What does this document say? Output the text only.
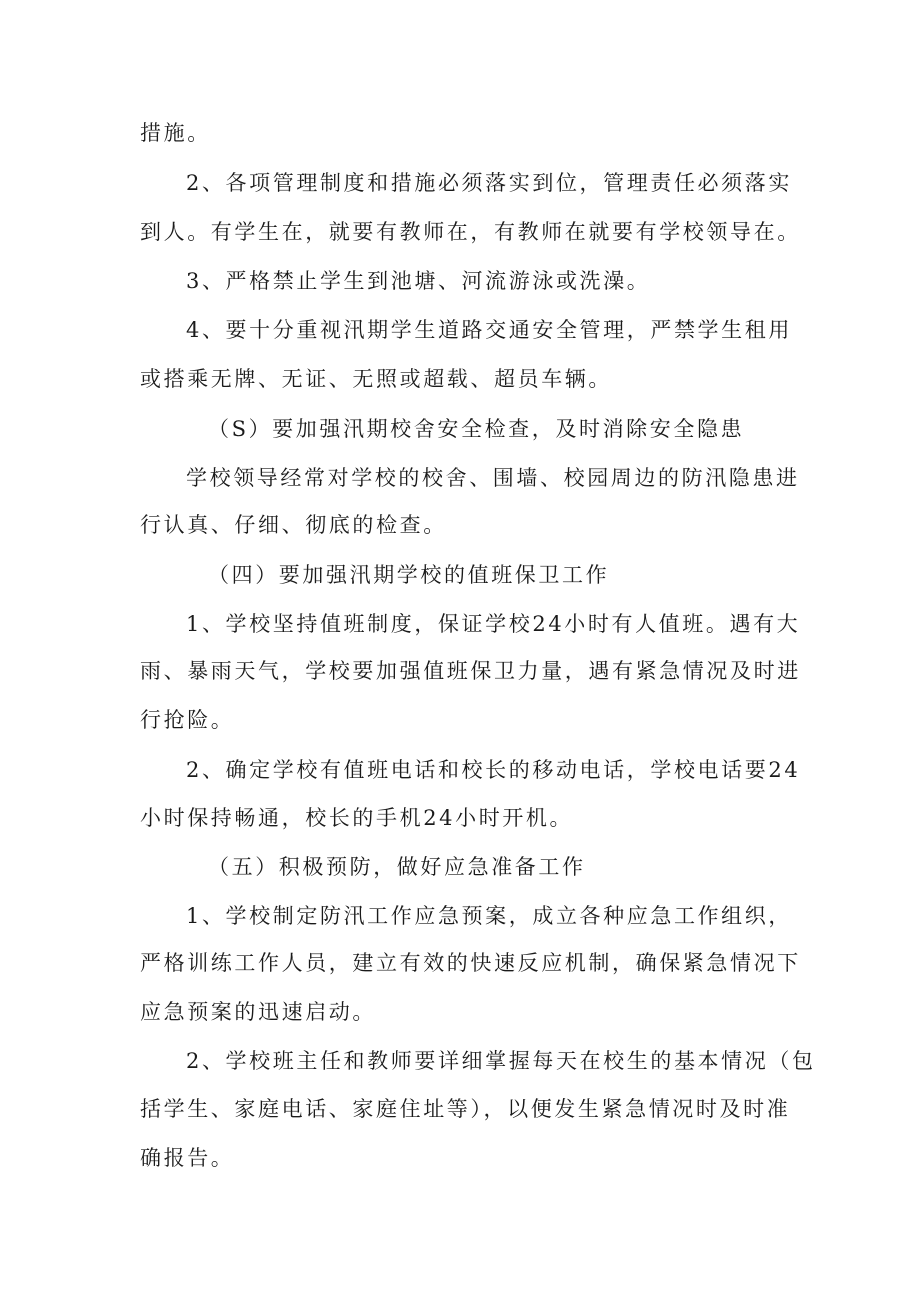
措施。
2、各项管理制度和措施必须落实到位，管理责任必须落实
到人。有学生在，就要有教师在，有教师在就要有学校领导在。
3、严格禁止学生到池塘、河流游泳或洗澡。
4、要十分重视汛期学生道路交通安全管理，严禁学生租用
或搭乘无牌、无证、无照或超载、超员车辆。
（S）要加强汛期校舍安全检查，及时消除安全隐患
学校领导经常对学校的校舍、围墙、校园周边的防汛隐患进
行认真、仔细、彻底的检查。
（四）要加强汛期学校的值班保卫工作
1、学校坚持值班制度，保证学校24小时有人值班。遇有大
雨、暴雨天气，学校要加强值班保卫力量，遇有紧急情况及时进
行抢险。
2、确定学校有值班电话和校长的移动电话，学校电话要24
小时保持畅通，校长的手机24小时开机。
（五）积极预防，做好应急准备工作
1、学校制定防汛工作应急预案，成立各种应急工作组织，
严格训练工作人员，建立有效的快速反应机制，确保紧急情况下
应急预案的迅速启动。
2、学校班主任和教师要详细掌握每天在校生的基本情况（包
括学生、家庭电话、家庭住址等），以便发生紧急情况时及时准
确报告。
